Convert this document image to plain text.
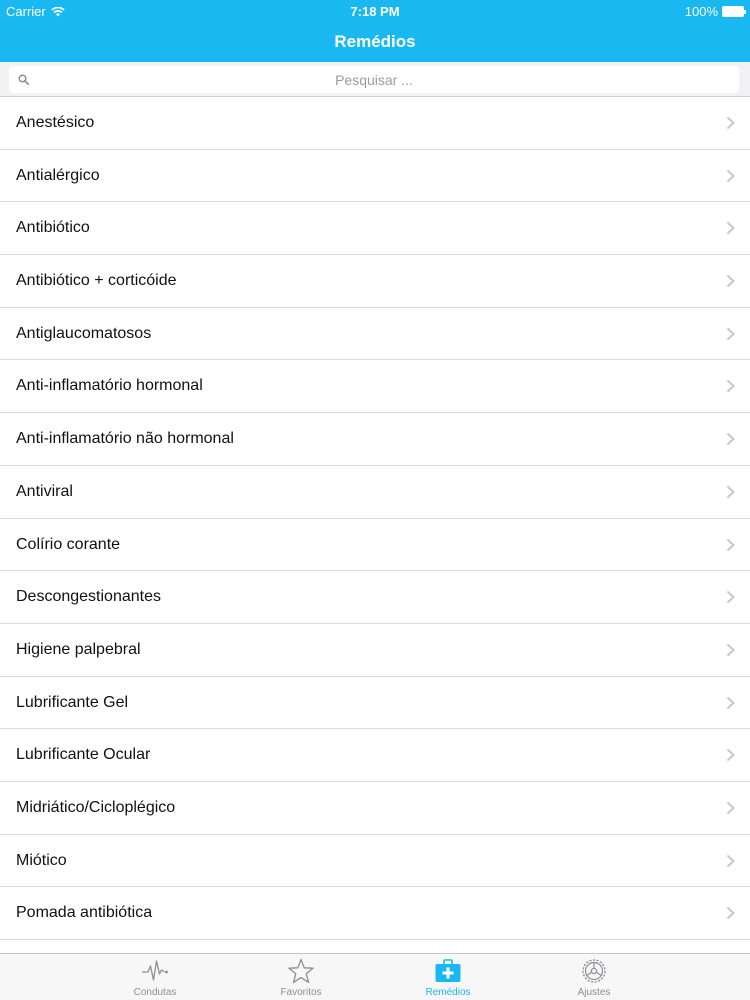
Carrier	7:18 PM	100%
Remédios
Pesquisar ...
Anestésico
Antialérgico
Antibiótico
Antibiótico + corticóide
Antiglaucomatosos
Anti-inflamatório hormonal
Anti-inflamatório não hormonal
Antiviral
Colírio corante
Descongestionantes
Higiene palpebral
Lubrificante Gel
Lubrificante Ocular
Midriático/Cicloplégico
Miótico
Pomada antibiótica
Condutas	Favoritos	Remédios	Ajustes
